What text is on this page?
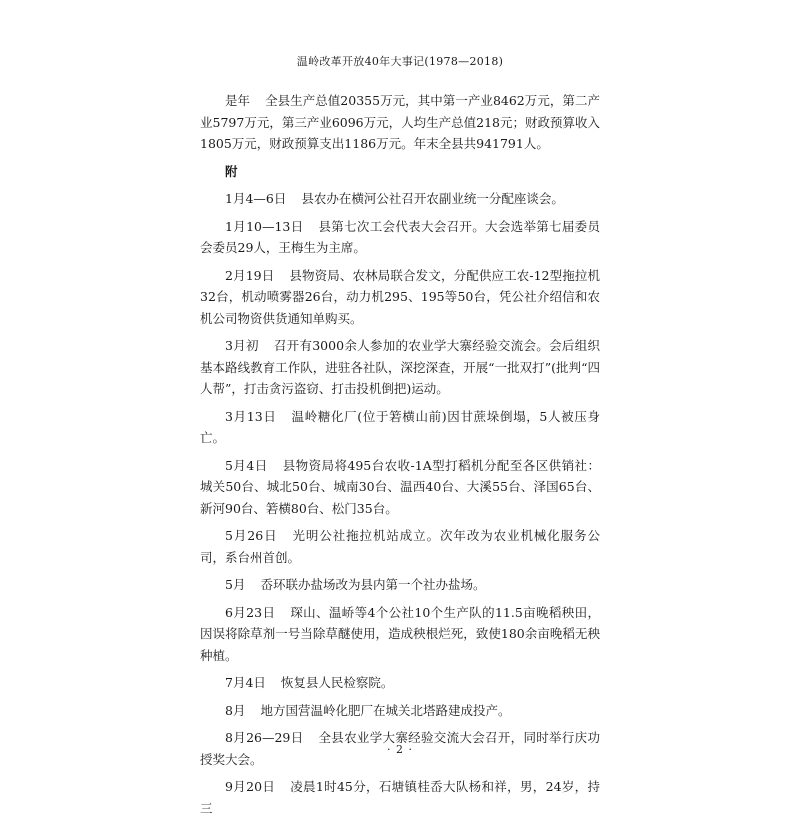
温岭改革开放40年大事记(1978—2018)

是年 全县生产总值20355万元，其中第一产业8462万元，第二产业5797万元，第三产业6096万元，人均生产总值218元；财政预算收入1805万元，财政预算支出1186万元。年末全县共941791人。

附

1月4—6日 县农办在横河公社召开农副业统一分配座谈会。

1月10—13日 县第七次工会代表大会召开。大会选举第七届委员会委员29人，王梅生为主席。

2月19日 县物资局、农林局联合发文，分配供应工农-12型拖拉机32台，机动喷雾器26台，动力机295、195等50台，凭公社介绍信和农机公司物资供货通知单购买。

3月初 召开有3000余人参加的农业学大寨经验交流会。会后组织基本路线教育工作队，进驻各社队，深挖深查，开展“一批双打”(批判“四人帮”，打击贪污盗窃、打击投机倒把)运动。

3月13日 温岭糖化厂(位于箬横山前)因甘蔗垛倒塌，5人被压身亡。

5月4日 县物资局将495台农收-1A型打稻机分配至各区供销社：城关50台、城北50台、城南30台、温西40台、大溪55台、泽国65台、新河90台、箬横80台、松门35台。

5月26日 光明公社拖拉机站成立。次年改为农业机械化服务公司，系台州首创。

5月 岙环联办盐场改为县内第一个社办盐场。

6月23日 琛山、温峤等4个公社10个生产队的11.5亩晚稻秧田，因误将除草剂一号当除草醚使用，造成秧根烂死，致使180余亩晚稻无秧种植。

7月4日 恢复县人民检察院。

8月 地方国营温岭化肥厂在城关北塔路建成投产。

8月26—29日 全县农业学大寨经验交流大会召开，同时举行庆功授奖大会。

9月20日 凌晨1时45分，石塘镇桂岙大队杨和祥，男，24岁，持三

· 2 ·
